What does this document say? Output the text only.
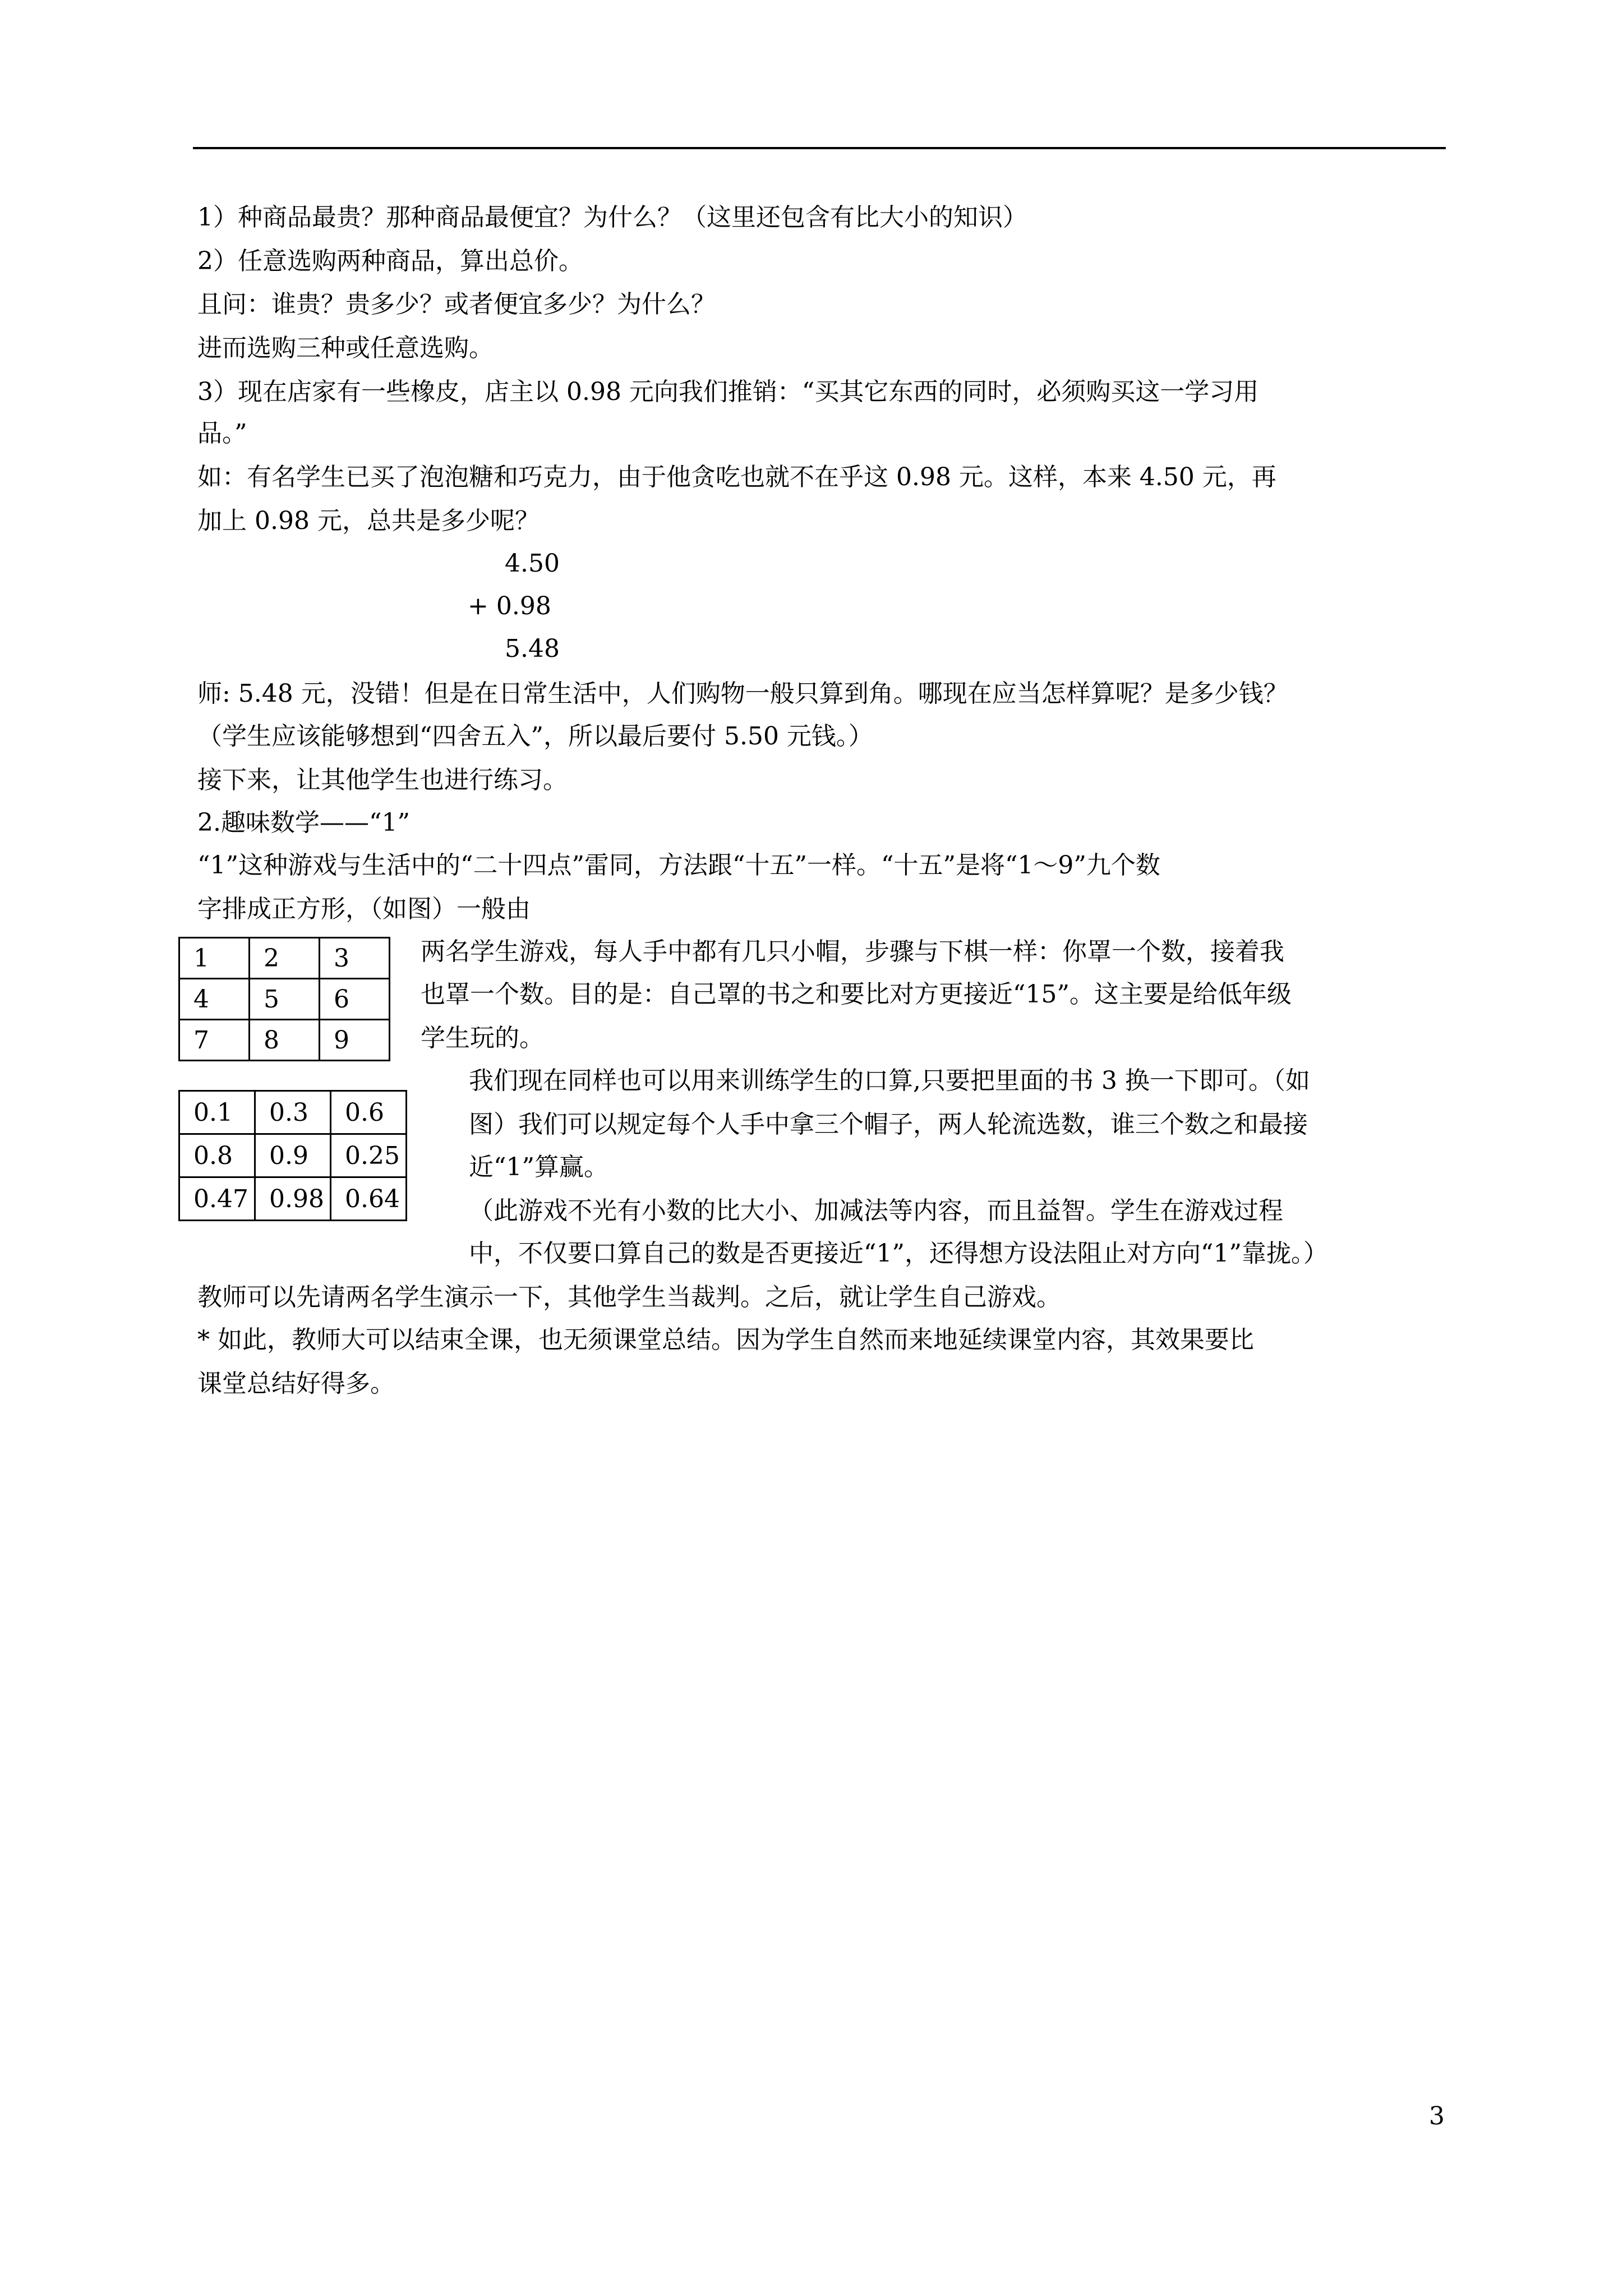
1）种商品最贵？那种商品最便宜？为什么？（这里还包含有比大小的知识）
2）任意选购两种商品，算出总价。
且问：谁贵？贵多少？或者便宜多少？为什么？
进而选购三种或任意选购。
3）现在店家有一些橡皮，店主以 0.98 元向我们推销：“买其它东西的同时，必须购买这一学习用
品。”
如：有名学生已买了泡泡糖和巧克力，由于他贪吃也就不在乎这 0.98 元。这样，本来 4.50 元，再
加上 0.98 元，总共是多少呢？
4.50
+ 0.98
5.48
师: 5.48 元，没错！但是在日常生活中，人们购物一般只算到角。哪现在应当怎样算呢？是多少钱？
（学生应该能够想到“四舍五入”，所以最后要付 5.50 元钱。）
接下来，让其他学生也进行练习。
2.趣味数学——“1”
“1”这种游戏与生活中的“二十四点”雷同，方法跟“十五”一样。“十五”是将“1～9”九个数
字排成正方形，（如图）一般由
1	2	3
4	5	6
7	8	9
两名学生游戏，每人手中都有几只小帽，步骤与下棋一样：你罩一个数，接着我
也罩一个数。目的是：自己罩的书之和要比对方更接近“15”。这主要是给低年级
学生玩的。
0.1	0.3	0.6
0.8	0.9	0.25
0.47	0.98	0.64
我们现在同样也可以用来训练学生的口算,只要把里面的书 3 换一下即可。（如
图）我们可以规定每个人手中拿三个帽子，两人轮流选数，谁三个数之和最接
近“1”算赢。
（此游戏不光有小数的比大小、加减法等内容，而且益智。学生在游戏过程
中，不仅要口算自己的数是否更接近“1”，还得想方设法阻止对方向“1”靠拢。）
教师可以先请两名学生演示一下，其他学生当裁判。之后，就让学生自己游戏。
* 如此，教师大可以结束全课，也无须课堂总结。因为学生自然而来地延续课堂内容，其效果要比
课堂总结好得多。
3
